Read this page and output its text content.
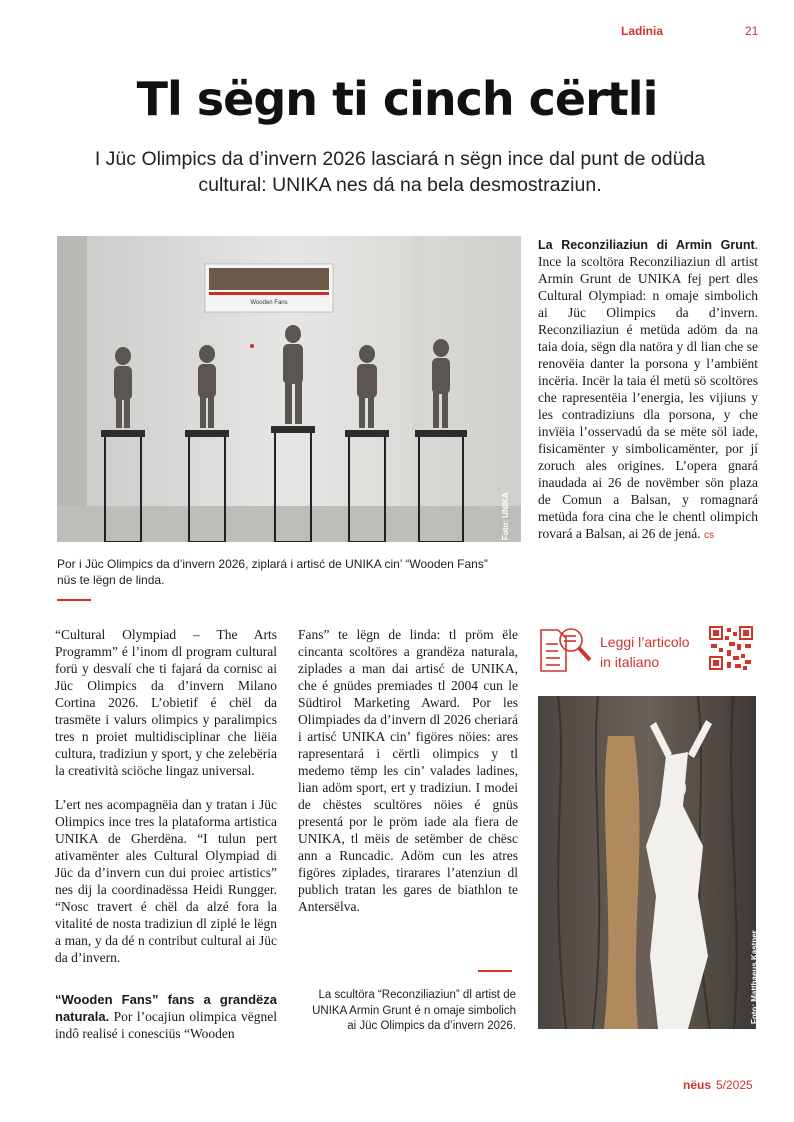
Ladinia	21
Tl sëgn ti cinch cërtli
I Jüc Olimpics da d’invern 2026 lasciará n sëgn ince dal punt de odüda cultural: UNIKA nes dá na bela desmostraziun.
Wooden Fans
Foto: UNIKA
Por i Jüc Olimpics da d’invern 2026, ziplará i artisć de UNIKA cin’ “Wooden Fans” nüs te lëgn de linda.
La Reconziliaziun di Armin Grunt. Ince la scoltöra Reconziliaziun dl artist Armin Grunt de UNIKA fej pert dles Cultural Olympiad: n omaje simbolich ai Jüc Olimpics da d’invern. Reconziliaziun é metüda adöm da na taia doia, sëgn dla natöra y dl lian che se renovëia danter la porsona y l’ambiënt incëria. Incër la taia él metü sö scoltöres che rapresentëia l’energia, les vijiuns y les contradiziuns dla porsona, y che invïëia l’osservadú da se mëte söl iade, fisicamënter y simbolicamënter, por jí zoruch ales origines. L’opera gnará inaudada ai 26 de novëmber sön plaza de Comun a Balsan, y romagnará metüda fora cina che le chentl olimpich rovará a Balsan, ai 26 de jená. cs

“Cultural Olympiad – The Arts Programm” é l’inom dl program cultural forü y desvalí che ti fajará da cornisc ai Jüc Olimpics da d’invern Milano Cortina 2026. L’obietif é chël da trasmëte i valurs olimpics y paralimpics tres n proiet multidisciplinar che liëia cultura, tradiziun y sport, y che zelebëria la creatività sciöche lingaz universal.

L’ert nes acompagnëia dan y tratan i Jüc Olimpics ince tres la plataforma artistica UNIKA de Gherdëna. “I tulun pert ativamënter ales Cultural Olympiad di Jüc da d’invern cun dui proiec artistics” nes dij la coordinadëssa Heidi Rungger. “Nosc travert é chël da alzé fora la vitalité de nosta tradiziun dl ziplé le lëgn a man, y da dé n contribut cultural ai Jüc da d’invern.

“Wooden Fans” fans a grandëza naturala. Por l’ocajiun olimpica vëgnel indô realisé i conesciüs “Wooden

Fans” te lëgn de linda: tl pröm ële cincanta scoltöres a grandëza naturala, ziplades a man dai artisć de UNIKA, che é gnüdes premiades tl 2004 cun le Südtirol Marketing Award. Por les Olimpiades da d’invern dl 2026 cheriará i artisć UNIKA cin’ figöres nöies: ares rapresentará i cërtli olimpics y tl medemo tëmp les cin’ valades ladines, lian adöm sport, ert y tradiziun. I modei de chëstes scultöres nöies é gnüs presentá por le pröm iade ala fiera de UNIKA, tl mëis de setëmber de chësc ann a Runcadic. Adöm cun les atres figöres ziplades, tirarares l’atenziun dl publich tratan les gares de biathlon te Antersëlva.

Leggi l’articolo in italiano
Foto: Matthaeus Kastner
La scultöra “Reconziliaziun” dl artist de UNIKA Armin Grunt é n omaje simbolich ai Jüc Olimpics da d’invern 2026.
nëus 5/2025
